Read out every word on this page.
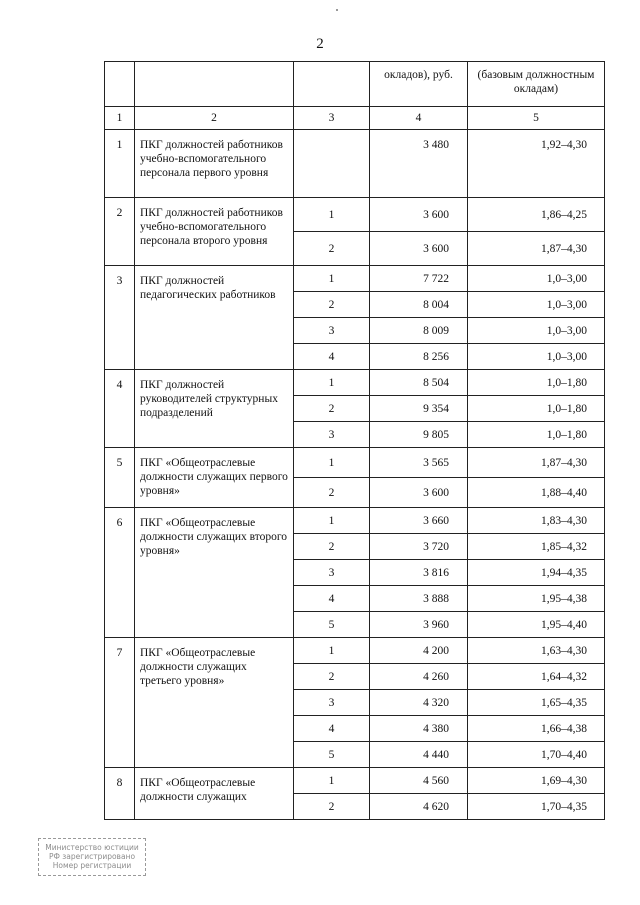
2
			окладов), руб.	(базовым должностным окладам)
1	2	3	4	5
1	ПКГ должностей работников учебно-вспомогательного персонала первого уровня		3 480	1,92–4,30
2	ПКГ должностей работников учебно-вспомогательного персонала второго уровня	1	3 600	1,86–4,25
		2	3 600	1,87–4,30
3	ПКГ должностей педагогических работников	1	7 722	1,0–3,00
		2	8 004	1,0–3,00
		3	8 009	1,0–3,00
		4	8 256	1,0–3,00
4	ПКГ должностей руководителей структурных подразделений	1	8 504	1,0–1,80
		2	9 354	1,0–1,80
		3	9 805	1,0–1,80
5	ПКГ «Общеотраслевые должности служащих первого уровня»	1	3 565	1,87–4,30
		2	3 600	1,88–4,40
6	ПКГ «Общеотраслевые должности служащих второго уровня»	1	3 660	1,83–4,30
		2	3 720	1,85–4,32
		3	3 816	1,94–4,35
		4	3 888	1,95–4,38
		5	3 960	1,95–4,40
7	ПКГ «Общеотраслевые должности служащих третьего уровня»	1	4 200	1,63–4,30
		2	4 260	1,64–4,32
		3	4 320	1,65–4,35
		4	4 380	1,66–4,38
		5	4 440	1,70–4,40
8	ПКГ «Общеотраслевые должности служащих	1	4 560	1,69–4,30
		2	4 620	1,70–4,35
Министерство юстиции РФ зарегистрировано Номер регистрации
